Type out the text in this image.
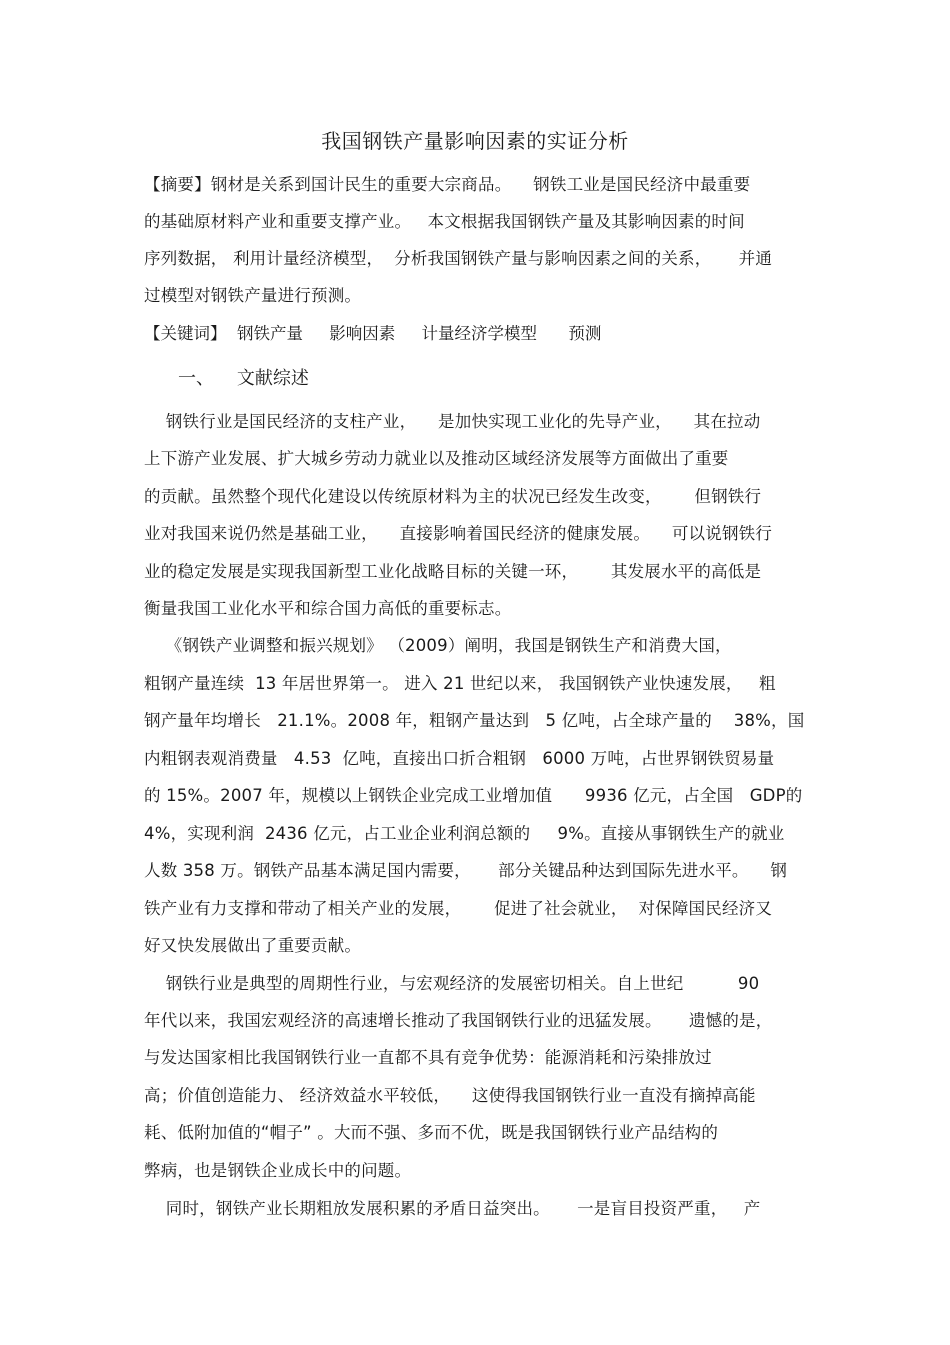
我国钢铁产量影响因素的实证分析
【摘要】钢材是关系到国计民生的重要大宗商品。    钢铁工业是国民经济中最重要
的基础原材料产业和重要支撑产业。   本文根据我国钢铁产量及其影响因素的时间
序列数据， 利用计量经济模型，  分析我国钢铁产量与影响因素之间的关系，     并通
过模型对钢铁产量进行预测。
【关键词】  钢铁产量     影响因素     计量经济学模型      预测
一、    文献综述
钢铁行业是国民经济的支柱产业，    是加快实现工业化的先导产业，    其在拉动
上下游产业发展、扩大城乡劳动力就业以及推动区域经济发展等方面做出了重要
的贡献。虽然整个现代化建设以传统原材料为主的状况已经发生改变，      但钢铁行
业对我国来说仍然是基础工业，    直接影响着国民经济的健康发展。    可以说钢铁行
业的稳定发展是实现我国新型工业化战略目标的关键一环，      其发展水平的高低是
衡量我国工业化水平和综合国力高低的重要标志。
《钢铁产业调整和振兴规划》 （2009）阐明，我国是钢铁生产和消费大国，
粗钢产量连续  13 年居世界第一。 进入 21 世纪以来， 我国钢铁产业快速发展，   粗
钢产量年均增长   21.1%。2008 年，粗钢产量达到   5 亿吨，占全球产量的    38%，国
内粗钢表观消费量   4.53  亿吨，直接出口折合粗钢   6000 万吨，占世界钢铁贸易量
的 15%。2007 年，规模以上钢铁企业完成工业增加值      9936 亿元，占全国   GDP的
4%，实现利润  2436 亿元，占工业企业利润总额的     9%。直接从事钢铁生产的就业
人数 358 万。钢铁产品基本满足国内需要，     部分关键品种达到国际先进水平。    钢
铁产业有力支撑和带动了相关产业的发展，      促进了社会就业，  对保障国民经济又
好又快发展做出了重要贡献。
钢铁行业是典型的周期性行业，与宏观经济的发展密切相关。自上世纪          90
年代以来，我国宏观经济的高速增长推动了我国钢铁行业的迅猛发展。     遗憾的是，
与发达国家相比我国钢铁行业一直都不具有竞争优势：能源消耗和污染排放过
高；价值创造能力、 经济效益水平较低，    这使得我国钢铁行业一直没有摘掉高能
耗、低附加值的“帽子” 。大而不强、多而不优，既是我国钢铁行业产品结构的
弊病，也是钢铁企业成长中的问题。
同时，钢铁产业长期粗放发展积累的矛盾日益突出。     一是盲目投资严重，   产
